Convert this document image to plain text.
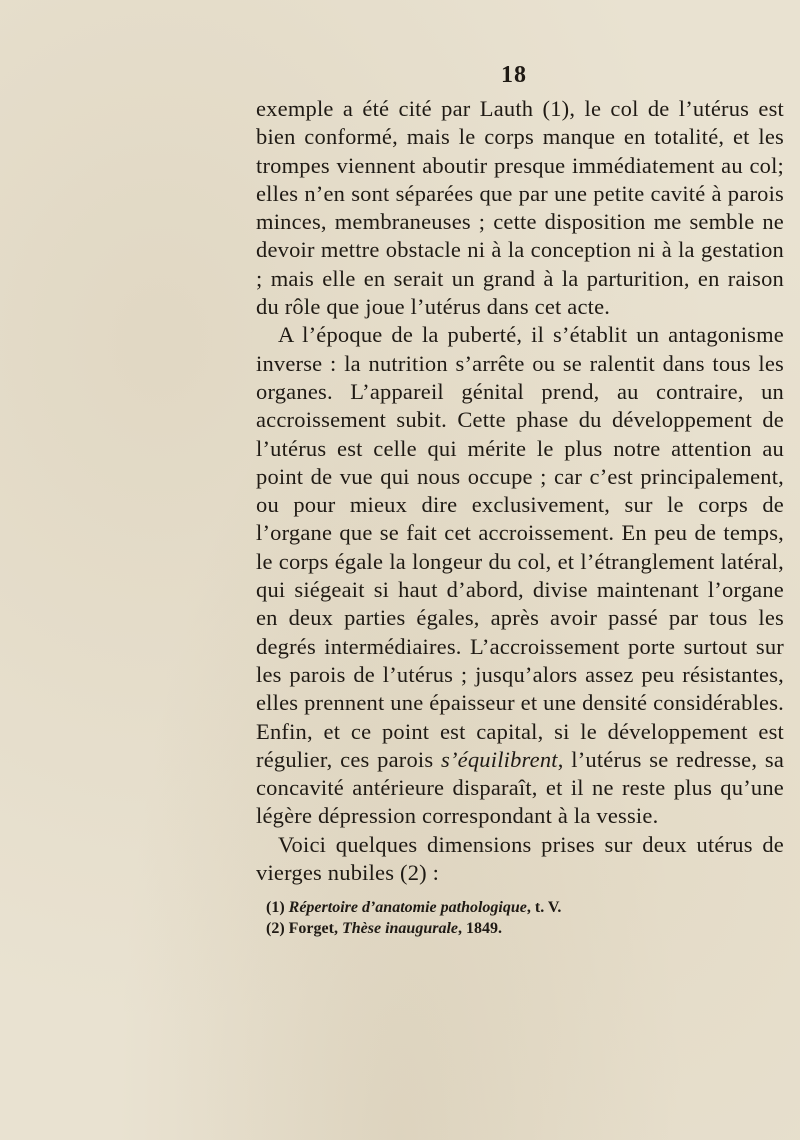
18

exemple a été cité par Lauth (1), le col de l’utérus est bien conformé, mais le corps manque en totalité, et les trompes viennent aboutir presque immédiatement au col; elles n’en sont séparées que par une petite cavité à parois minces, membraneuses ; cette disposition me semble ne devoir mettre obstacle ni à la conception ni à la gestation ; mais elle en serait un grand à la parturition, en raison du rôle que joue l’utérus dans cet acte.

A l’époque de la puberté, il s’établit un antagonisme inverse : la nutrition s’arrête ou se ralentit dans tous les organes. L’appareil génital prend, au contraire, un accroissement subit. Cette phase du développement de l’utérus est celle qui mérite le plus notre attention au point de vue qui nous occupe ; car c’est principalement, ou pour mieux dire exclusivement, sur le corps de l’organe que se fait cet accroissement. En peu de temps, le corps égale la longeur du col, et l’étranglement latéral, qui siégeait si haut d’abord, divise maintenant l’organe en deux parties égales, après avoir passé par tous les degrés intermédiaires. L’accroissement porte surtout sur les parois de l’utérus ; jusqu’alors assez peu résistantes, elles prennent une épaisseur et une densité considérables. Enfin, et ce point est capital, si le développement est régulier, ces parois s’équilibrent, l’utérus se redresse, sa concavité antérieure disparaît, et il ne reste plus qu’une légère dépression correspondant à la vessie.

Voici quelques dimensions prises sur deux utérus de vierges nubiles (2) :

(1) Répertoire d’anatomie pathologique, t. V.
(2) Forget, Thèse inaugurale, 1849.
